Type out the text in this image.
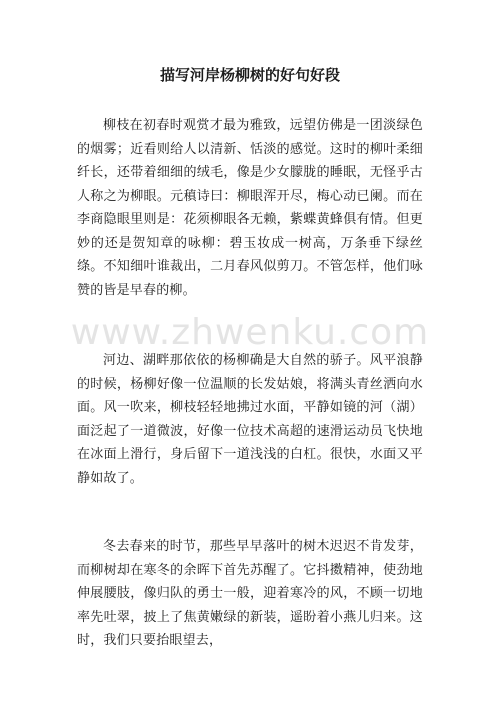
描写河岸杨柳树的好句好段
www.zhwenku.com

柳枝在初春时观赏才最为雅致，远望仿佛是一团淡绿色的烟雾；近看则给人以清新、恬淡的感觉。这时的柳叶柔细纤长，还带着细细的绒毛，像是少女朦胧的睡眠，无怪乎古人称之为柳眼。元稹诗曰：柳眼浑开尽，梅心动已阑。而在李商隐眼里则是：花须柳眼各无赖，紫蝶黄蜂俱有情。但更妙的还是贺知章的咏柳：碧玉妆成一树高，万条垂下绿丝绦。不知细叶谁裁出，二月春风似剪刀。不管怎样，他们咏赞的皆是早春的柳。

河边、湖畔那依依的杨柳确是大自然的骄子。风平浪静的时候，杨柳好像一位温顺的长发姑娘，将满头青丝洒向水面。风一吹来，柳枝轻轻地拂过水面，平静如镜的河（湖）面泛起了一道微波，好像一位技术高超的速滑运动员飞快地在冰面上滑行，身后留下一道浅浅的白杠。很快，水面又平静如故了。

冬去春来的时节，那些早早落叶的树木迟迟不肯发芽，而柳树却在寒冬的余晖下首先苏醒了。它抖擞精神，使劲地伸展腰肢，像归队的勇士一般，迎着寒冷的风，不顾一切地率先吐翠，披上了焦黄嫩绿的新装，遥盼着小燕儿归来。这时，我们只要抬眼望去，
